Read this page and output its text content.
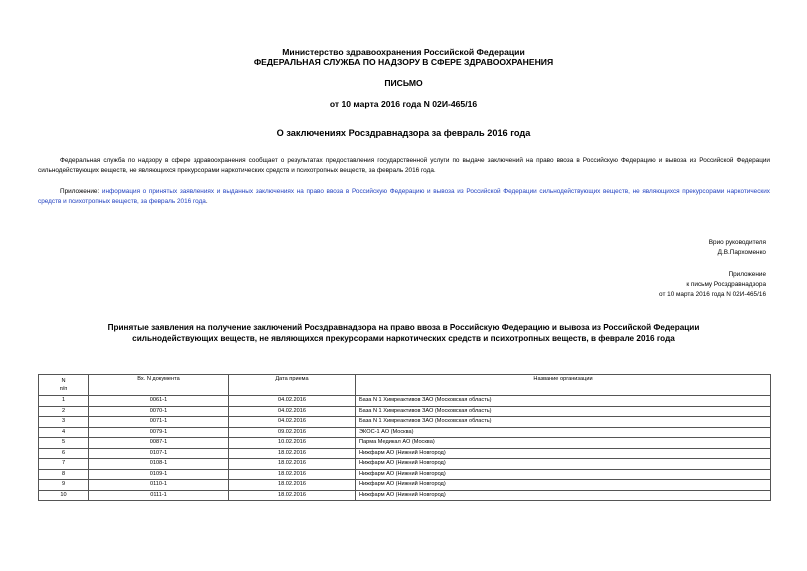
Министерство здравоохранения Российской Федерации
ФЕДЕРАЛЬНАЯ СЛУЖБА ПО НАДЗОРУ В СФЕРЕ ЗДРАВООХРАНЕНИЯ
ПИСЬМО
от 10 марта 2016 года N 02И-465/16
О заключениях Росздравнадзора за февраль 2016 года
Федеральная служба по надзору в сфере здравоохранения сообщает о результатах предоставления государственной услуги по выдаче заключений на право ввоза в Российскую Федерацию и вывоза из Российской Федерации сильнодействующих веществ, не являющихся прекурсорами наркотических средств и психотропных веществ, за февраль 2016 года.
Приложение: информация о принятых заявлениях и выданных заключениях на право ввоза в Российскую Федерацию и вывоза из Российской Федерации сильнодействующих веществ, не являющихся прекурсорами наркотических средств и психотропных веществ, за февраль 2016 года.
Врио руководителя
Д.В.Пархоменко
Приложение
к письму Росздравнадзора
от 10 марта 2016 года N 02И-465/16
Принятые заявления на получение заключений Росздравнадзора на право ввоза в Российскую Федерацию и вывоза из Российской Федерации
сильнодействующих веществ, не являющихся прекурсорами наркотических средств и психотропных веществ, в феврале 2016 года
N
п/п	Вх. N документа	Дата приема	Название организации
1	0061-1	04.02.2016	База N 1 Химреактивов ЗАО (Московская область)
2	0070-1	04.02.2016	База N 1 Химреактивов ЗАО (Московская область)
3	0071-1	04.02.2016	База N 1 Химреактивов ЗАО (Московская область)
4	0079-1	09.02.2016	ЭКОС-1 АО (Москва)
5	0087-1	10.02.2016	Парма Медикал АО (Москва)
6	0107-1	18.02.2016	Нижфарм АО (Нижний Новгород)
7	0108-1	18.02.2016	Нижфарм АО (Нижний Новгород)
8	0109-1	18.02.2016	Нижфарм АО (Нижний Новгород)
9	0110-1	18.02.2016	Нижфарм АО (Нижний Новгород)
10	0111-1	18.02.2016	Нижфарм АО (Нижний Новгород)
